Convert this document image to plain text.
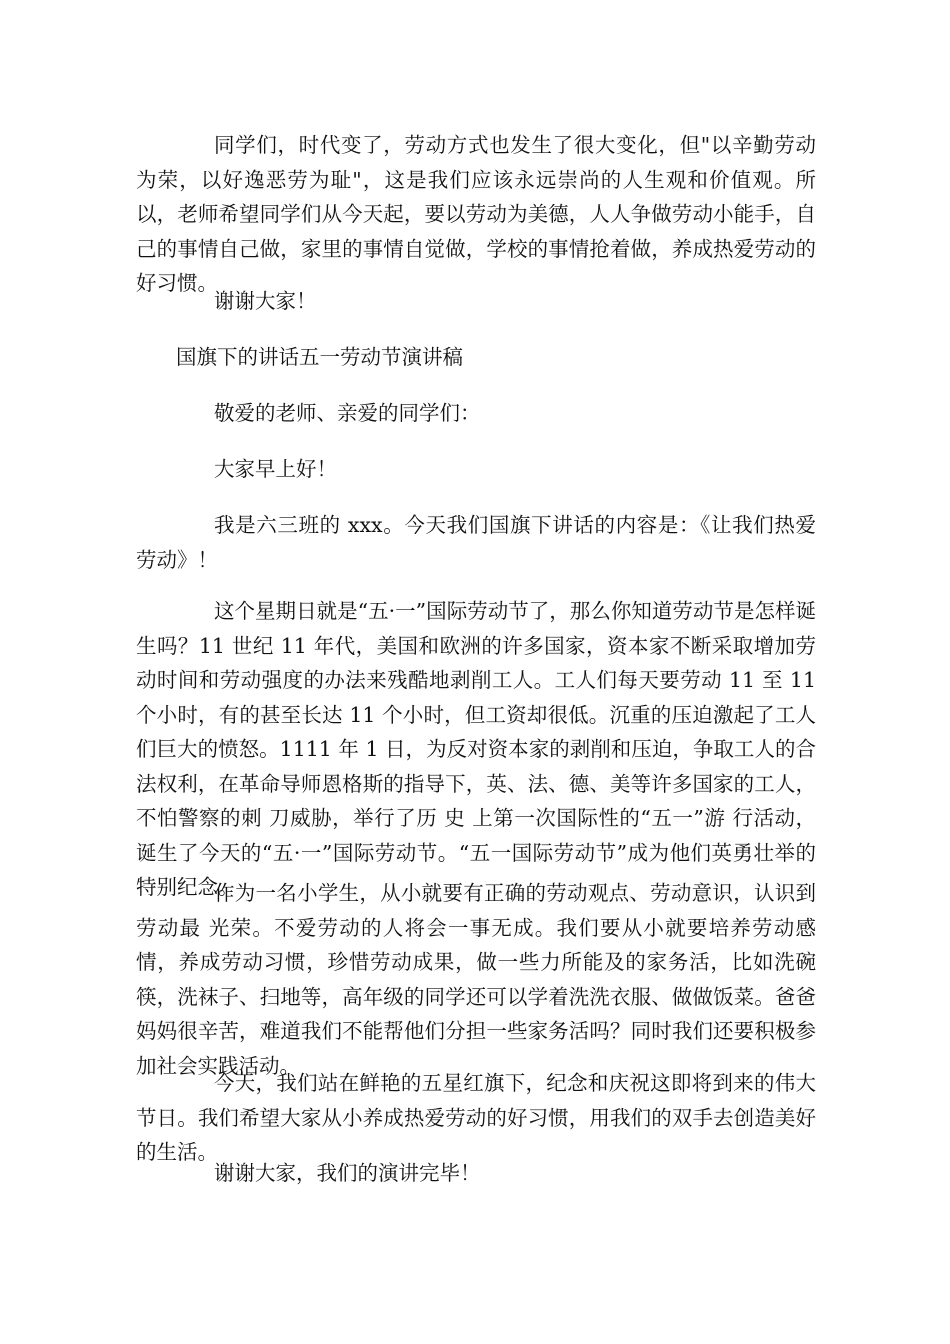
同学们，时代变了，劳动方式也发生了很大变化，但"以辛勤劳动为荣，以好逸恶劳为耻"，这是我们应该永远崇尚的人生观和价值观。所以，老师希望同学们从今天起，要以劳动为美德，人人争做劳动小能手，自己的事情自己做，家里的事情自觉做，学校的事情抢着做，养成热爱劳动的好习惯。

谢谢大家！

国旗下的讲话五一劳动节演讲稿

敬爱的老师、亲爱的同学们：

大家早上好！

我是六三班的 xxx。今天我们国旗下讲话的内容是：《让我们热爱劳动》！

这个星期日就是“五·一”国际劳动节了，那么你知道劳动节是怎样诞生吗？11 世纪 11 年代，美国和欧洲的许多国家，资本家不断采取增加劳动时间和劳动强度的办法来残酷地剥削工人。工人们每天要劳动 11 至 11 个小时，有的甚至长达 11 个小时，但工资却很低。沉重的压迫激起了工人们巨大的愤怒。1111 年 1 日，为反对资本家的剥削和压迫，争取工人的合法权利，在革命导师恩格斯的指导下，英、法、德、美等许多国家的工人，不怕警察的刺 刀威胁，举行了历 史 上第一次国际性的“五一”游 行活动，诞生了今天的“五·一”国际劳动节。“五一国际劳动节”成为他们英勇壮举的特别纪念。

作为一名小学生，从小就要有正确的劳动观点、劳动意识，认识到劳动最 光荣。不爱劳动的人将会一事无成。我们要从小就要培养劳动感情，养成劳动习惯，珍惜劳动成果，做一些力所能及的家务活，比如洗碗筷，洗袜子、扫地等，高年级的同学还可以学着洗洗衣服、做做饭菜。爸爸妈妈很辛苦，难道我们不能帮他们分担一些家务活吗？同时我们还要积极参加社会实践活动。

今天，我们站在鲜艳的五星红旗下，纪念和庆祝这即将到来的伟大节日。我们希望大家从小养成热爱劳动的好习惯，用我们的双手去创造美好的生活。

谢谢大家，我们的演讲完毕！
